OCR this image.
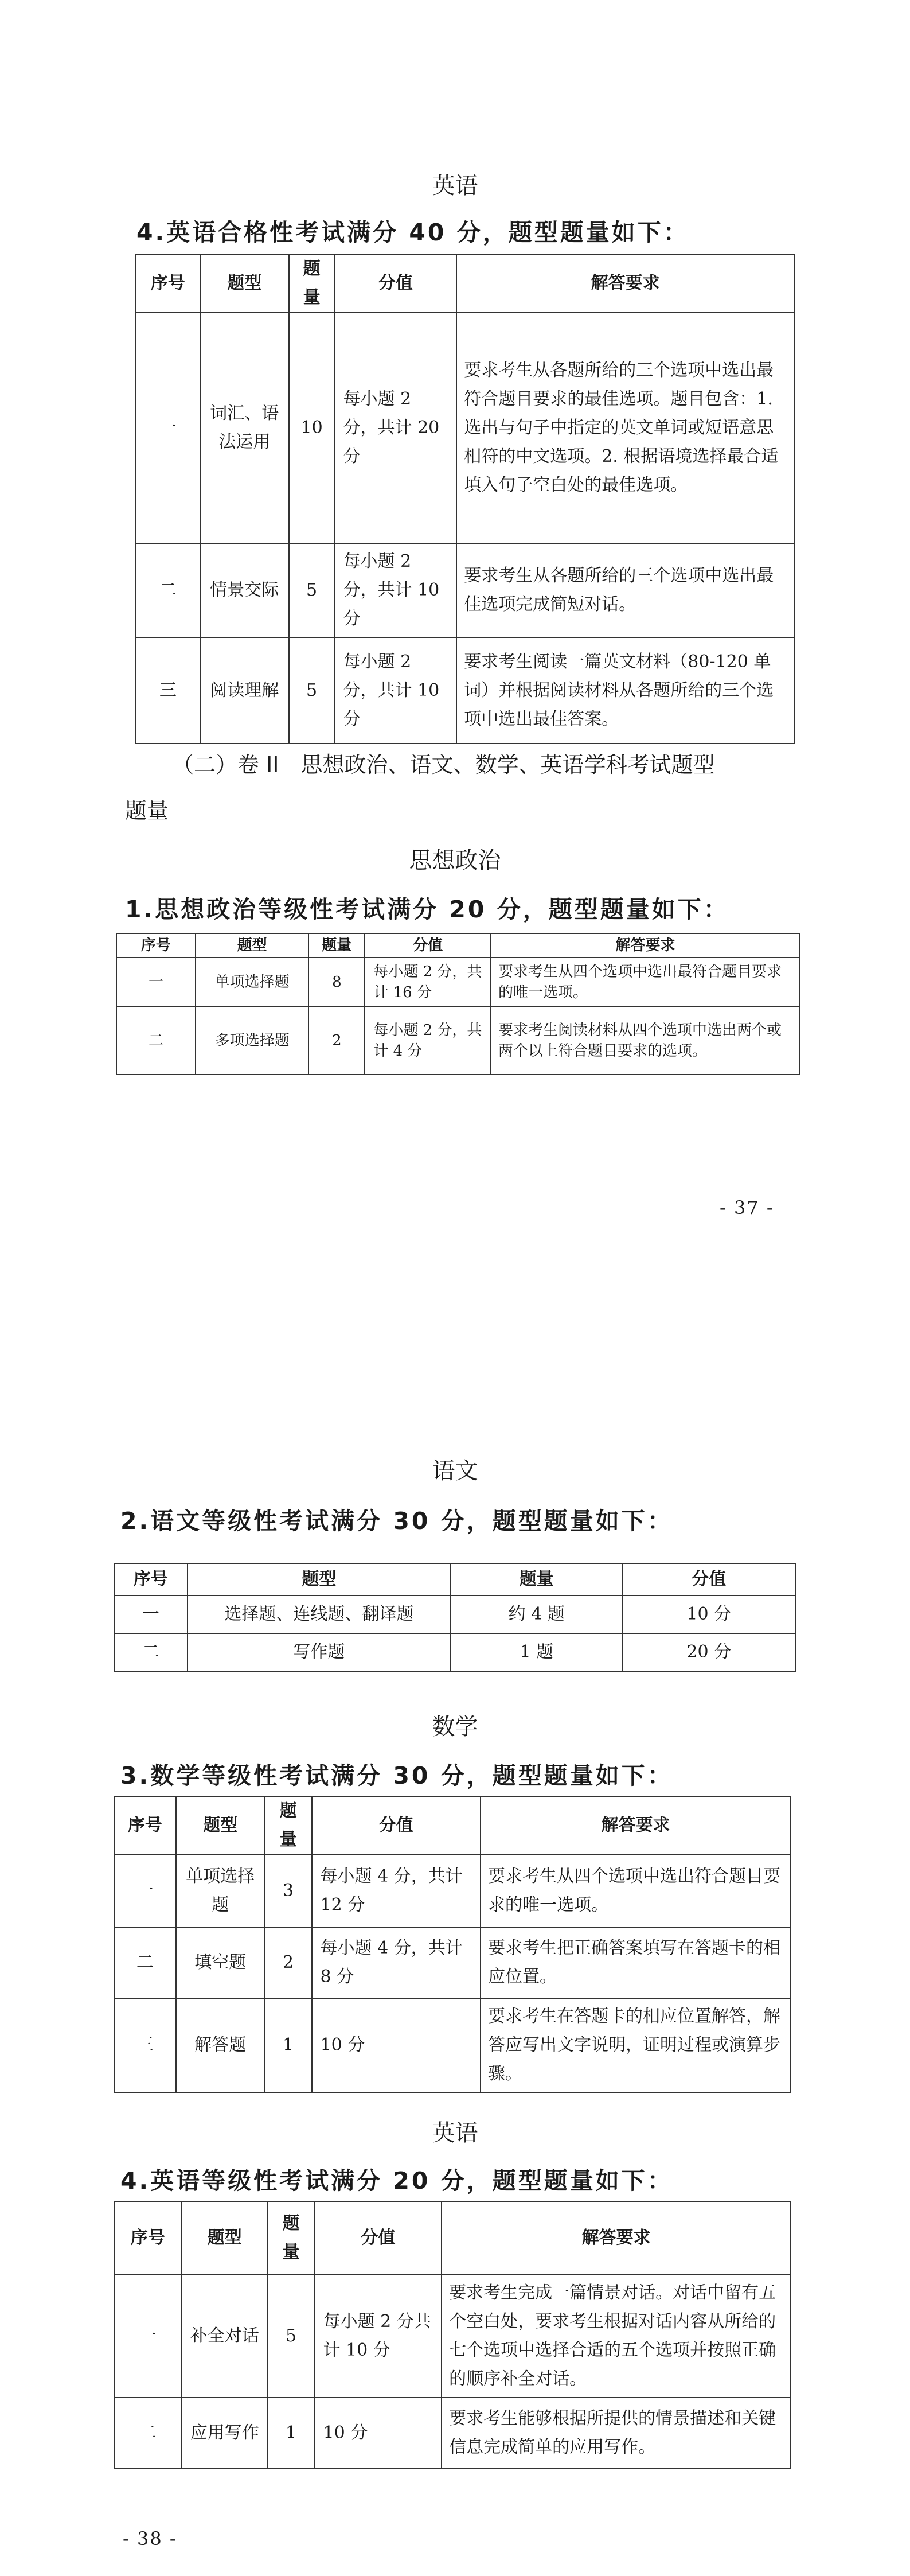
英语
4.英语合格性考试满分 40 分，题型题量如下：
序号	题型	题量	分值	解答要求
一	词汇、语法运用	10	每小题 2 分，共计 20 分	要求考生从各题所给的三个选项中选出最符合题目要求的最佳选项。题目包含：1. 选出与句子中指定的英文单词或短语意思相符的中文选项。2. 根据语境选择最合适填入句子空白处的最佳选项。
二	情景交际	5	每小题 2 分，共计 10 分	要求考生从各题所给的三个选项中选出最佳选项完成简短对话。
三	阅读理解	5	每小题 2 分，共计 10 分	要求考生阅读一篇英文材料（80-120 单词）并根据阅读材料从各题所给的三个选项中选出最佳答案。
（二）卷 II　思想政治、语文、数学、英语学科考试题型
题量
思想政治
1.思想政治等级性考试满分 20 分，题型题量如下：
序号	题型	题量	分值	解答要求
一	单项选择题	8	每小题 2 分，共计 16 分	要求考生从四个选项中选出最符合题目要求的唯一选项。
二	多项选择题	2	每小题 2 分，共计 4 分	要求考生阅读材料从四个选项中选出两个或两个以上符合题目要求的选项。
- 37 -
语文
2.语文等级性考试满分 30 分，题型题量如下：
序号	题型	题量	分值
一	选择题、连线题、翻译题	约 4 题	10 分
二	写作题	1 题	20 分
数学
3.数学等级性考试满分 30 分，题型题量如下：
序号	题型	题量	分值	解答要求
一	单项选择题	3	每小题 4 分，共计 12 分	要求考生从四个选项中选出符合题目要求的唯一选项。
二	填空题	2	每小题 4 分，共计 8 分	要求考生把正确答案填写在答题卡的相应位置。
三	解答题	1	10 分	要求考生在答题卡的相应位置解答，解答应写出文字说明，证明过程或演算步骤。
英语
4.英语等级性考试满分 20 分，题型题量如下：
序号	题型	题量	分值	解答要求
一	补全对话	5	每小题 2 分共计 10 分	要求考生完成一篇情景对话。对话中留有五个空白处，要求考生根据对话内容从所给的七个选项中选择合适的五个选项并按照正确的顺序补全对话。
二	应用写作	1	10 分	要求考生能够根据所提供的情景描述和关键信息完成简单的应用写作。
- 38 -
